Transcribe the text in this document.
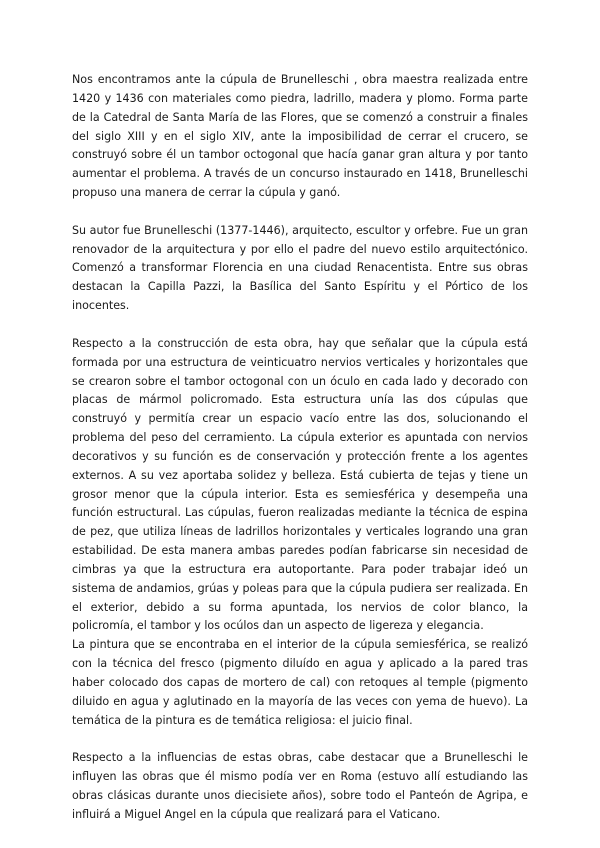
Nos encontramos ante la cúpula de Brunelleschi , obra maestra realizada entre 1420 y 1436 con materiales como piedra, ladrillo, madera y plomo. Forma parte de la Catedral de Santa María de las Flores, que se comenzó a construir a finales del siglo XIII y en el siglo XIV, ante la imposibilidad de cerrar el crucero, se construyó sobre él un tambor octogonal que hacía ganar gran altura y por tanto aumentar el problema. A través de un concurso instaurado en 1418, Brunelleschi propuso una manera de cerrar la cúpula y ganó.

Su autor fue Brunelleschi (1377-1446), arquitecto, escultor y orfebre. Fue un gran renovador de la arquitectura y por ello el padre del nuevo estilo arquitectónico. Comenzó a transformar Florencia en una ciudad Renacentista. Entre sus obras destacan la Capilla Pazzi, la Basílica del Santo Espíritu y el Pórtico de los inocentes.

Respecto a la construcción de esta obra, hay que señalar que la cúpula está formada por una estructura de veinticuatro nervios verticales y horizontales que se crearon sobre el tambor octogonal con un óculo en cada lado y decorado con placas de mármol policromado. Esta estructura unía las dos cúpulas que construyó y permitía crear un espacio vacío entre las dos, solucionando el problema del peso del cerramiento. La cúpula exterior es apuntada con nervios decorativos y su función es de conservación y protección frente a los agentes externos. A su vez aportaba solidez y belleza. Está cubierta de tejas y tiene un grosor menor que la cúpula interior. Esta es semiesférica y desempeña una función estructural. Las cúpulas, fueron realizadas mediante la técnica de espina de pez, que utiliza líneas de ladrillos horizontales y verticales logrando una gran estabilidad. De esta manera ambas paredes podían fabricarse sin necesidad de cimbras ya que la estructura era autoportante. Para poder trabajar ideó un sistema de andamios, grúas y poleas para que la cúpula pudiera ser realizada. En el exterior, debido a su forma apuntada, los nervios de color blanco, la policromía, el tambor y los ocúlos dan un aspecto de ligereza y elegancia.

La pintura que se encontraba en el interior de la cúpula semiesférica, se realizó con la técnica del fresco (pigmento diluído en agua y aplicado a la pared tras haber colocado dos capas de mortero de cal) con retoques al temple (pigmento diluido en agua y aglutinado en la mayoría de las veces con yema de huevo). La temática de la pintura es de temática religiosa: el juicio final.

Respecto a la influencias de estas obras, cabe destacar que a Brunelleschi le influyen las obras que él mismo podía ver en Roma (estuvo allí estudiando las obras clásicas durante unos diecisiete años), sobre todo el Panteón de Agripa, e influirá a Miguel Angel en la cúpula que realizará para el Vaticano.
